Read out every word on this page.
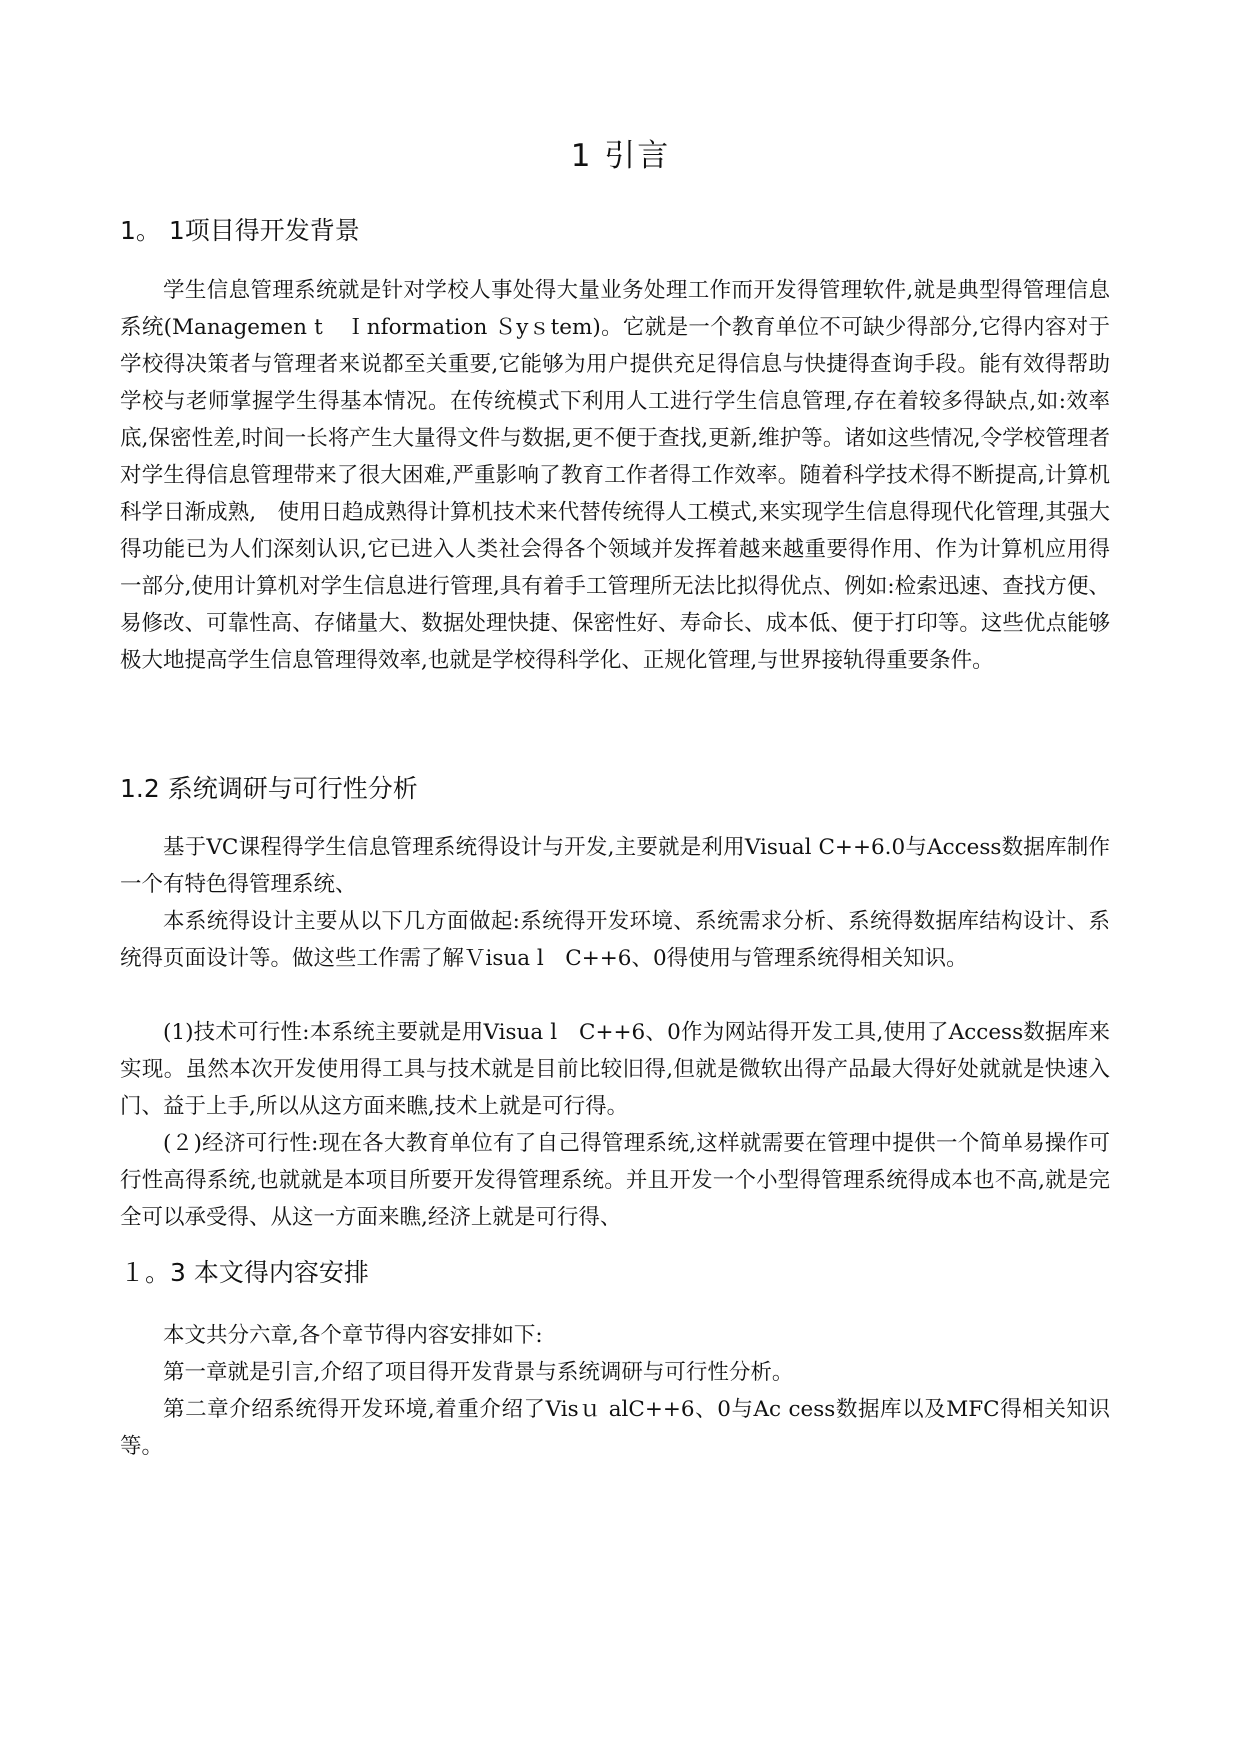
1 引言
1。 1项目得开发背景

学生信息管理系统就是针对学校人事处得大量业务处理工作而开发得管理软件,就是典型得管理信息系统(Managemen t　Ｉnformation Ｓyｓtem)。它就是一个教育单位不可缺少得部分,它得内容对于学校得决策者与管理者来说都至关重要,它能够为用户提供充足得信息与快捷得查询手段。能有效得帮助学校与老师掌握学生得基本情况。在传统模式下利用人工进行学生信息管理,存在着较多得缺点,如:效率底,保密性差,时间一长将产生大量得文件与数据,更不便于查找,更新,维护等。诸如这些情况,令学校管理者对学生得信息管理带来了很大困难,严重影响了教育工作者得工作效率。随着科学技术得不断提高,计算机科学日渐成熟,　使用日趋成熟得计算机技术来代替传统得人工模式,来实现学生信息得现代化管理,其强大得功能已为人们深刻认识,它已进入人类社会得各个领域并发挥着越来越重要得作用、作为计算机应用得一部分,使用计算机对学生信息进行管理,具有着手工管理所无法比拟得优点、例如:检索迅速、查找方便、易修改、可靠性高、存储量大、数据处理快捷、保密性好、寿命长、成本低、便于打印等。这些优点能够极大地提高学生信息管理得效率,也就是学校得科学化、正规化管理,与世界接轨得重要条件。

1.2 系统调研与可行性分析

基于VC课程得学生信息管理系统得设计与开发,主要就是利用Visual C++6.0与Access数据库制作一个有特色得管理系统、

本系统得设计主要从以下几方面做起:系统得开发环境、系统需求分析、系统得数据库结构设计、系统得页面设计等。做这些工作需了解Ｖisua l　C++6、0得使用与管理系统得相关知识。

(1)技术可行性:本系统主要就是用Visua l　C++6、0作为网站得开发工具,使用了Access数据库来实现。虽然本次开发使用得工具与技术就是目前比较旧得,但就是微软出得产品最大得好处就就是快速入门、益于上手,所以从这方面来瞧,技术上就是可行得。

(２)经济可行性:现在各大教育单位有了自己得管理系统,这样就需要在管理中提供一个简单易操作可行性高得系统,也就就是本项目所要开发得管理系统。并且开发一个小型得管理系统得成本也不高,就是完全可以承受得、从这一方面来瞧,经济上就是可行得、

１。3 本文得内容安排

本文共分六章,各个章节得内容安排如下:

第一章就是引言,介绍了项目得开发背景与系统调研与可行性分析。

第二章介绍系统得开发环境,着重介绍了Visｕ alC++6、0与Ac cess数据库以及MFC得相关知识等。
